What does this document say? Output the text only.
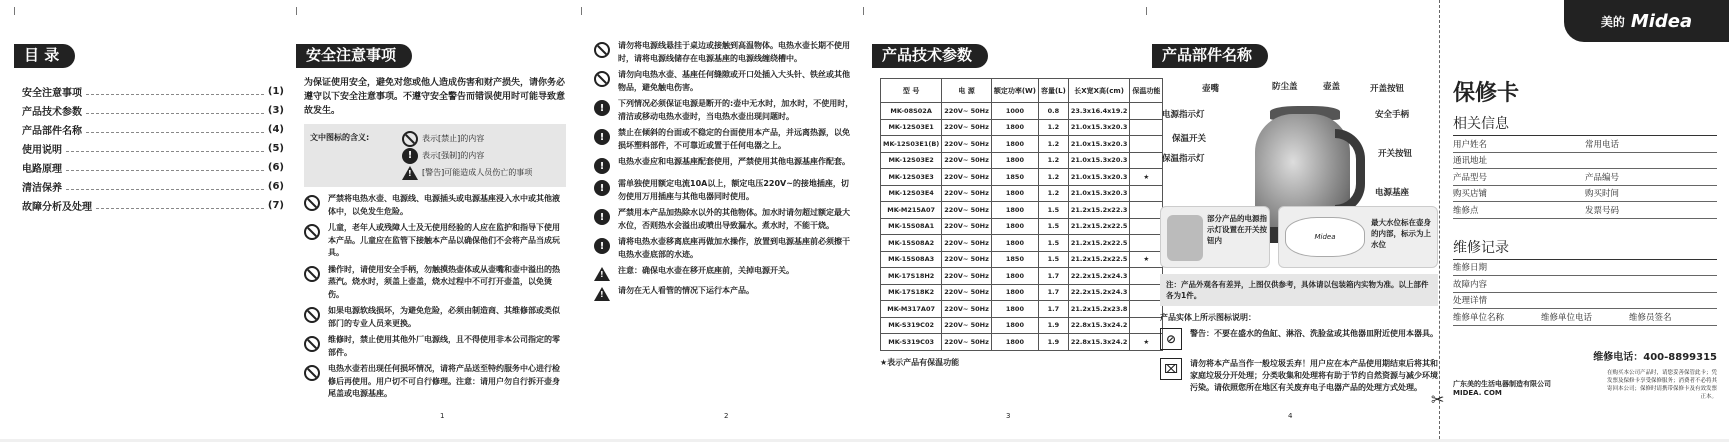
|	|	|	|	|
目 录
安全注意事项	(1)
产品技术参数	(3)
产品部件名称	(4)
使用说明	(5)
电路原理	(6)
清洁保养	(6)
故障分析及处理	(7)
安全注意事项
为保证使用安全，避免对您或他人造成伤害和财产损失，请你务必遵守以下安全注意事项。不遵守安全警告而错误使用时可能导致意故发生。
文中图标的含义:	表示[禁止]的内容
!	表示[强制]的内容
! [警告]可能造成人员伤亡的事项
严禁将电热水壶、电源线、电源插头或电源基座浸入水中或其他液体中，以免发生危险。
儿童，老年人或残障人士及无使用经验的人应在监护和指导下使用本产品。儿童应在监管下接触本产品以确保他们不会将产品当成玩具。
操作时，请使用安全手柄，勿触摸热壶体或从壶嘴和壶中溢出的热蒸汽。烧水时，须盖上壶盖，烧水过程中不可打开壶盖，以免烫伤。
如果电源软线损坏，为避免危险，必须由制造商、其维修部或类似部门的专业人员来更换。
维修时，禁止使用其他外厂电源线，且不得使用非本公司指定的零部件。
电热水壶若出现任何损坏情况，请将产品送至特约服务中心进行检修后再使用。用户切不可自行修理。注意：请用户勿自行拆开壶身尾盖或电源基座。
请勿将电源线悬挂于桌边或接触到高温物体。电热水壶长期不使用时，请将电源线储存在电源基座的电源线缠绕槽中。
请勿向电热水壶、基座任何缝隙或开口处插入大头针、铁丝或其他物品，避免触电伤害。
!	下列情况必须保证电源是断开的:壶中无水时，加水时，不使用时，清洁或移动电热水壶时，当电热水壶出现问题时。
!	禁止在倾斜的台面或不稳定的台面使用本产品，并远离热源，以免损坏塑料部件，不可靠近或置于任何电器之上。
!	电热水壶应和电源基座配套使用，严禁使用其他电源基座作配套。
!	需单独使用额定电流10A以上，额定电压220V~的接地插座，切勿使用万用插座与其他电器同时使用。
!	严禁用本产品加热除水以外的其他物体。加水时请勿超过额定最大水位，否则热水会溢出或喷出导致漏水。煮水时，不能干烧。
!	请将电热水壶移离底座再做加水操作，放置到电源基座前必须擦干电热水壶底部的水迹。
! 注意：确保电水壶在移开底座前，关掉电源开关。
! 请勿在无人看管的情况下运行本产品。
产品技术参数
型 号	电 源	额定功率(W)	容量(L)	长X宽X高(cm)	保温功能
MK-08S02A	220V~ 50Hz	1000	0.8	23.3x16.4x19.2	
MK-12S03E1	220V~ 50Hz	1800	1.2	21.0x15.3x20.3	
MK-12S03E1(B)	220V~ 50Hz	1800	1.2	21.0x15.3x20.3	
MK-12S03E2	220V~ 50Hz	1800	1.2	21.0x15.3x20.3	
MK-12S03E3	220V~ 50Hz	1850	1.2	21.0x15.3x20.3	★
MK-12S03E4	220V~ 50Hz	1800	1.2	21.0x15.3x20.3	
MK-M215A07	220V~ 50Hz	1800	1.5	21.2x15.2x22.3	
MK-15S08A1	220V~ 50Hz	1800	1.5	21.2x15.2x22.5	
MK-15S08A2	220V~ 50Hz	1800	1.5	21.2x15.2x22.5	
MK-15S08A3	220V~ 50Hz	1850	1.5	21.2x15.2x22.5	★
MK-17S18H2	220V~ 50Hz	1800	1.7	22.2x15.2x24.3	
MK-17S18K2	220V~ 50Hz	1800	1.7	22.2x15.2x24.3	
MK-M317A07	220V~ 50Hz	1800	1.7	21.2x15.2x23.8	
MK-S319C02	220V~ 50Hz	1800	1.9	22.8x15.3x24.2	
MK-S319C03	220V~ 50Hz	1800	1.9	22.8x15.3x24.2	★
★表示产品有保温功能
产品部件名称
壶嘴	防尘盖	壶盖	开盖按钮
电源指示灯	安全手柄
保温开关
开关按钮
保温指示灯
电源基座
部分产品的电源指示灯设置在开关按钮内	Midea
最大水位标在壶身的内部，标示为上水位
注：产品外观各有差异，上图仅供参考，具体请以包装箱内实物为准。以上部件各为1件。
产品实体上所示图标说明：
⊘	警告：不要在盛水的鱼缸、淋浴、洗脸盆或其他器皿附近使用本器具。
⌧	请勿将本产品当作一般垃圾丢弃！用户应在本产品使用期结束后将其和家庭垃圾分开处理；分类收集和处理将有助于节约自然资源与减少环境污染。请依照您所在地区有关废弃电子电器产品的处理方式处理。
美的 Midea
保修卡
相关信息
用户姓名	常用电话
通讯地址
产品型号	产品编号
购买店铺	购买时间
维修点	发票号码
维修记录
维修日期
故障内容
处理详情
维修单位名称	维修单位电话	维修员签名
维修电话：400-8899315
广东美的生活电器制造有限公司
MIDEA. COM
在购买本公司产品时，请您妥善保管此卡；凭发票及保修卡享受保修服务；消费者不必将其寄回本公司；保修时请携带保修卡及有效发票正本。
✂
1	2	3	4
